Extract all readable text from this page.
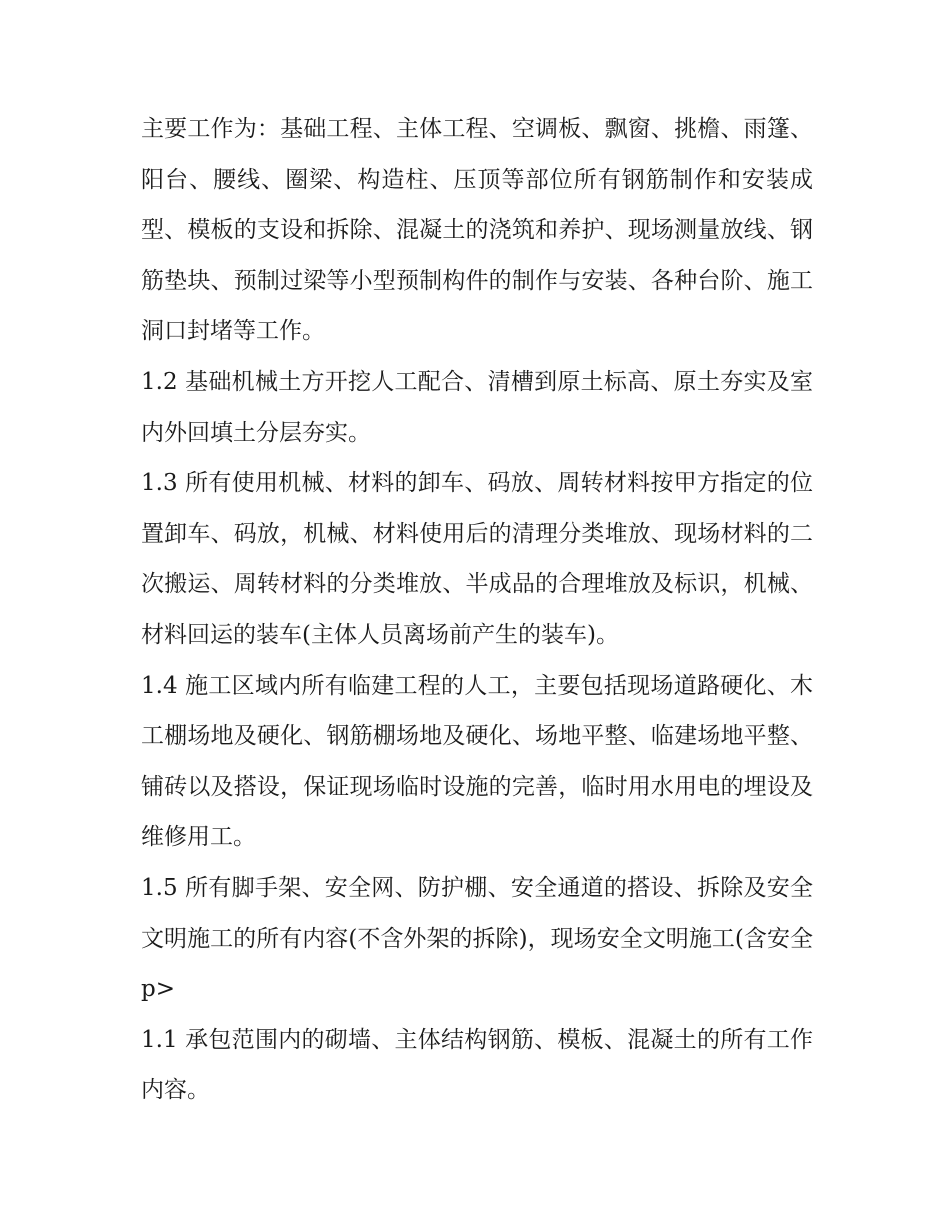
主要工作为：基础工程、主体工程、空调板、飘窗、挑檐、雨篷、阳台、腰线、圈梁、构造柱、压顶等部位所有钢筋制作和安装成型、模板的支设和拆除、混凝土的浇筑和养护、现场测量放线、钢筋垫块、预制过梁等小型预制构件的制作与安装、各种台阶、施工洞口封堵等工作。

1.2 基础机械土方开挖人工配合、清槽到原土标高、原土夯实及室内外回填土分层夯实。

1.3 所有使用机械、材料的卸车、码放、周转材料按甲方指定的位置卸车、码放，机械、材料使用后的清理分类堆放、现场材料的二次搬运、周转材料的分类堆放、半成品的合理堆放及标识，机械、材料回运的装车(主体人员离场前产生的装车)。

1.4 施工区域内所有临建工程的人工，主要包括现场道路硬化、木工棚场地及硬化、钢筋棚场地及硬化、场地平整、临建场地平整、铺砖以及搭设，保证现场临时设施的完善，临时用水用电的埋设及维修用工。

1.5 所有脚手架、安全网、防护棚、安全通道的搭设、拆除及安全文明施工的所有内容(不含外架的拆除)，现场安全文明施工(含安全 p>

1.1 承包范围内的砌墙、主体结构钢筋、模板、混凝土的所有工作内容。
